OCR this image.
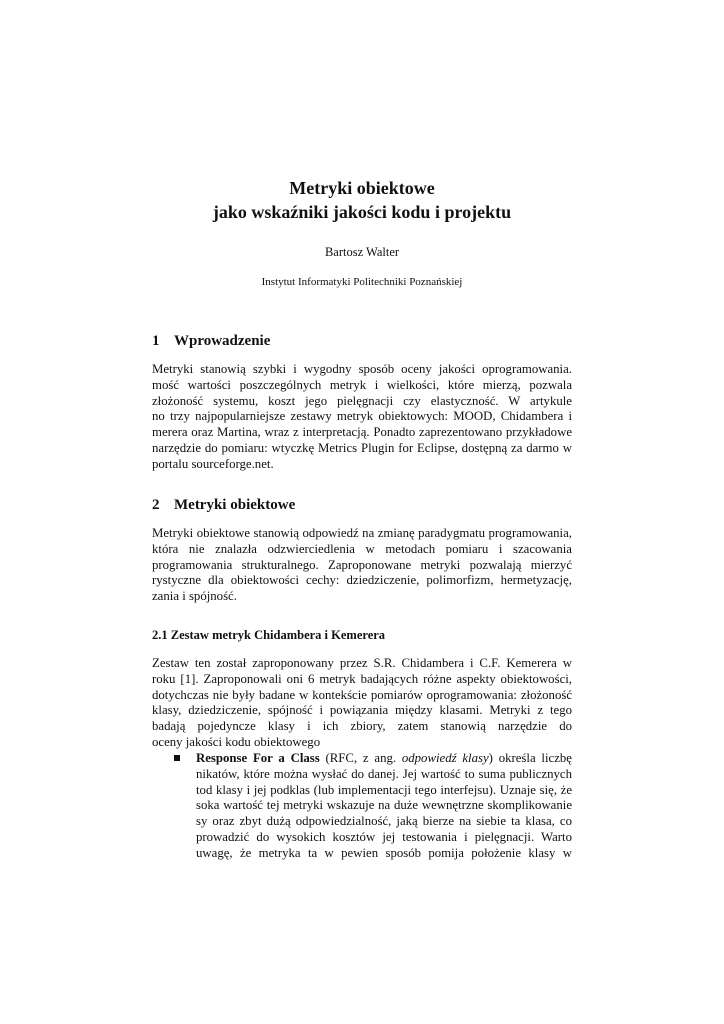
Metryki obiektowe
jako wskaźniki jakości kodu i projektu
Bartosz Walter
Instytut Informatyki Politechniki Poznańskiej
1 Wprowadzenie
Metryki stanowią szybki i wygodny sposób oceny jakości oprogramowania.
mość wartości poszczególnych metryk i wielkości, które mierzą, pozwala
złożoność systemu, koszt jego pielęgnacji czy elastyczność. W artykule
no trzy najpopularniejsze zestawy metryk obiektowych: MOOD, Chidambera i
merera oraz Martina, wraz z interpretacją. Ponadto zaprezentowano przykładowe
narzędzie do pomiaru: wtyczkę Metrics Plugin for Eclipse, dostępną za darmo w
portalu sourceforge.net.
2 Metryki obiektowe
Metryki obiektowe stanowią odpowiedź na zmianę paradygmatu programowania,
która nie znalazła odzwierciedlenia w metodach pomiaru i szacowania
programowania strukturalnego. Zaproponowane metryki pozwalają mierzyć
rystyczne dla obiektowości cechy: dziedziczenie, polimorfizm, hermetyzację,
zania i spójność.
2.1 Zestaw metryk Chidambera i Kemerera
Zestaw ten został zaproponowany przez S.R. Chidambera i C.F. Kemerera w
roku [1]. Zaproponowali oni 6 metryk badających różne aspekty obiektowości,
dotychczas nie były badane w kontekście pomiarów oprogramowania: złożoność
klasy, dziedziczenie, spójność i powiązania między klasami. Metryki z tego
badają pojedyncze klasy i ich zbiory, zatem stanowią narzędzie do
oceny jakości kodu obiektowego
Response For a Class (RFC, z ang. odpowiedź klasy) określa liczbę
nikatów, które można wysłać do danej. Jej wartość to suma publicznych
tod klasy i jej podklas (lub implementacji tego interfejsu). Uznaje się, że
soka wartość tej metryki wskazuje na duże wewnętrzne skomplikowanie
sy oraz zbyt dużą odpowiedzialność, jaką bierze na siebie ta klasa, co
prowadzić do wysokich kosztów jej testowania i pielęgnacji. Warto
uwagę, że metryka ta w pewien sposób pomija położenie klasy w
